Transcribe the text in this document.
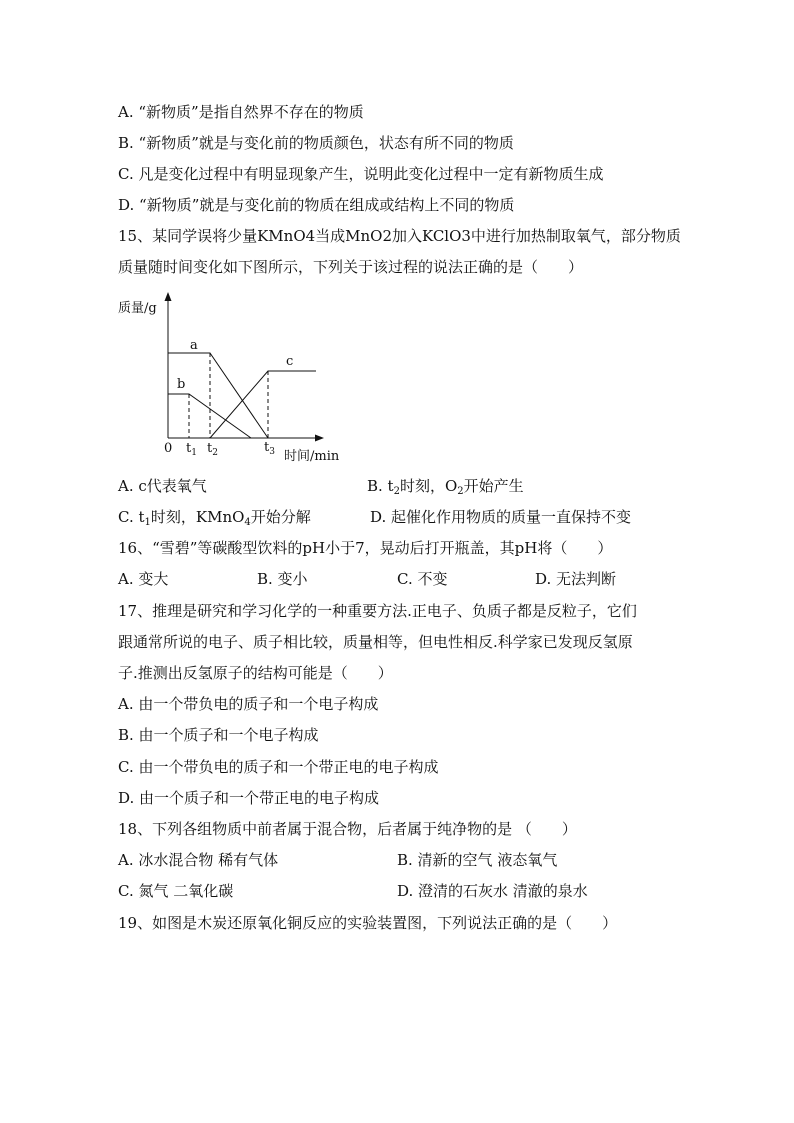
A. “新物质”是指自然界不存在的物质
B. “新物质”就是与变化前的物质颜色，状态有所不同的物质
C. 凡是变化过程中有明显现象产生，说明此变化过程中一定有新物质生成
D. “新物质”就是与变化前的物质在组成或结构上不同的物质
15、某同学误将少量KMnO4当成MnO2加入KClO3中进行加热制取氧气，部分物质
质量随时间变化如下图所示，下列关于该过程的说法正确的是（　　）
质量/g
时间/min
0
a
b
c
$t_1$ $t_2$	$t_3$
A. c代表氧气	B. $t_2$时刻，$O_2$开始产生
C. $t_1$时刻，KMnO$_4$开始分解	D. 起催化作用物质的质量一直保持不变
16、“雪碧”等碳酸型饮料的pH小于7，晃动后打开瓶盖，其pH将（　　）
A. 变大	B. 变小	C. 不变	D. 无法判断
17、推理是研究和学习化学的一种重要方法.正电子、负质子都是反粒子，它们
跟通常所说的电子、质子相比较，质量相等，但电性相反.科学家已发现反氢原
子.推测出反氢原子的结构可能是（　　）
A. 由一个带负电的质子和一个电子构成
B. 由一个质子和一个电子构成
C. 由一个带负电的质子和一个带正电的电子构成
D. 由一个质子和一个带正电的电子构成
18、下列各组物质中前者属于混合物，后者属于纯净物的是 （　　）
A. 冰水混合物 稀有气体	B. 清新的空气 液态氧气
C. 氮气 二氧化碳	D. 澄清的石灰水 清澈的泉水
19、如图是木炭还原氧化铜反应的实验装置图，下列说法正确的是（　　）
